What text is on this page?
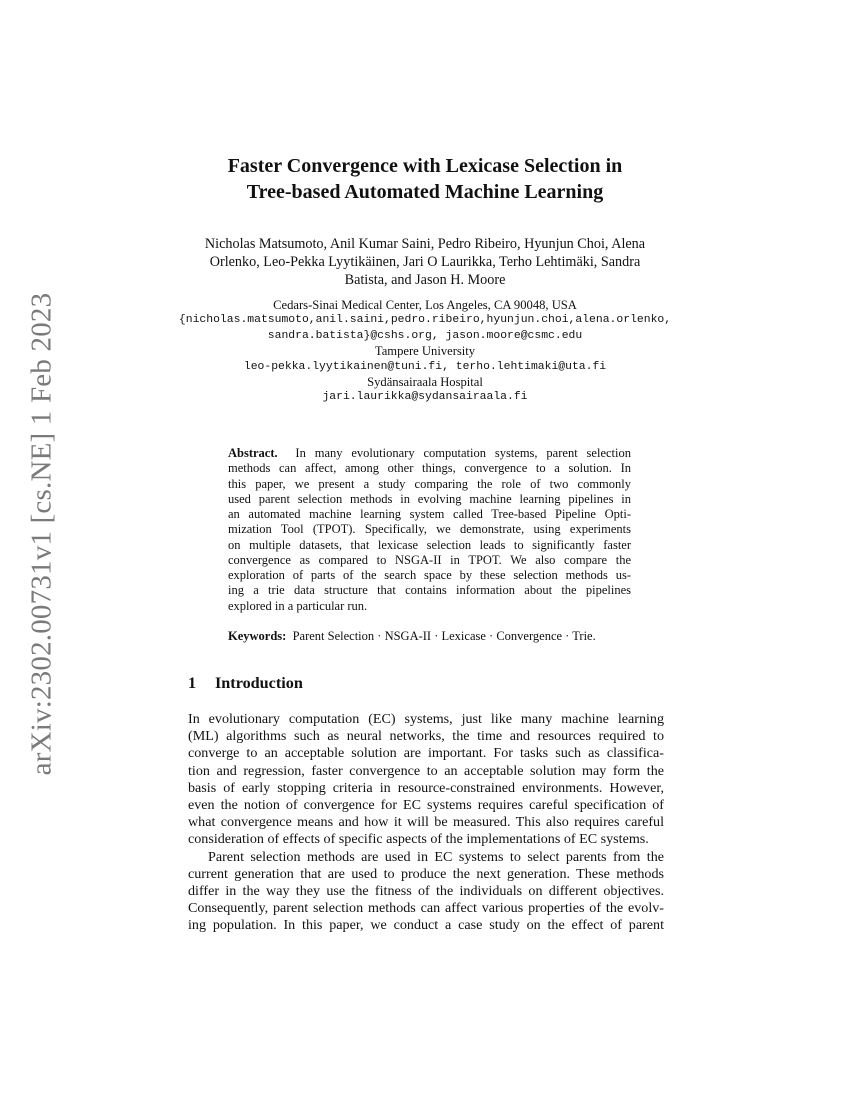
arXiv:2302.00731v1 [cs.NE] 1 Feb 2023
Faster Convergence with Lexicase Selection in
Tree-based Automated Machine Learning
Nicholas Matsumoto, Anil Kumar Saini, Pedro Ribeiro, Hyunjun Choi, Alena
Orlenko, Leo-Pekka Lyytikäinen, Jari O Laurikka, Terho Lehtimäki, Sandra
Batista, and Jason H. Moore
Cedars-Sinai Medical Center, Los Angeles, CA 90048, USA
{nicholas.matsumoto,anil.saini,pedro.ribeiro,hyunjun.choi,alena.orlenko,
sandra.batista}@cshs.org, jason.moore@csmc.edu
Tampere University
leo-pekka.lyytikainen@tuni.fi, terho.lehtimaki@uta.fi
Sydänsairaala Hospital
jari.laurikka@sydansairaala.fi
Abstract. In many evolutionary computation systems, parent selection
methods can affect, among other things, convergence to a solution. In
this paper, we present a study comparing the role of two commonly
used parent selection methods in evolving machine learning pipelines in
an automated machine learning system called Tree-based Pipeline Opti-
mization Tool (TPOT). Specifically, we demonstrate, using experiments
on multiple datasets, that lexicase selection leads to significantly faster
convergence as compared to NSGA-II in TPOT. We also compare the
exploration of parts of the search space by these selection methods us-
ing a trie data structure that contains information about the pipelines
explored in a particular run.
Keywords: Parent Selection · NSGA-II · Lexicase · Convergence · Trie.
1 Introduction
In evolutionary computation (EC) systems, just like many machine learning
(ML) algorithms such as neural networks, the time and resources required to
converge to an acceptable solution are important. For tasks such as classifica-
tion and regression, faster convergence to an acceptable solution may form the
basis of early stopping criteria in resource-constrained environments. However,
even the notion of convergence for EC systems requires careful specification of
what convergence means and how it will be measured. This also requires careful
consideration of effects of specific aspects of the implementations of EC systems.
Parent selection methods are used in EC systems to select parents from the
current generation that are used to produce the next generation. These methods
differ in the way they use the fitness of the individuals on different objectives.
Consequently, parent selection methods can affect various properties of the evolv-
ing population. In this paper, we conduct a case study on the effect of parent
